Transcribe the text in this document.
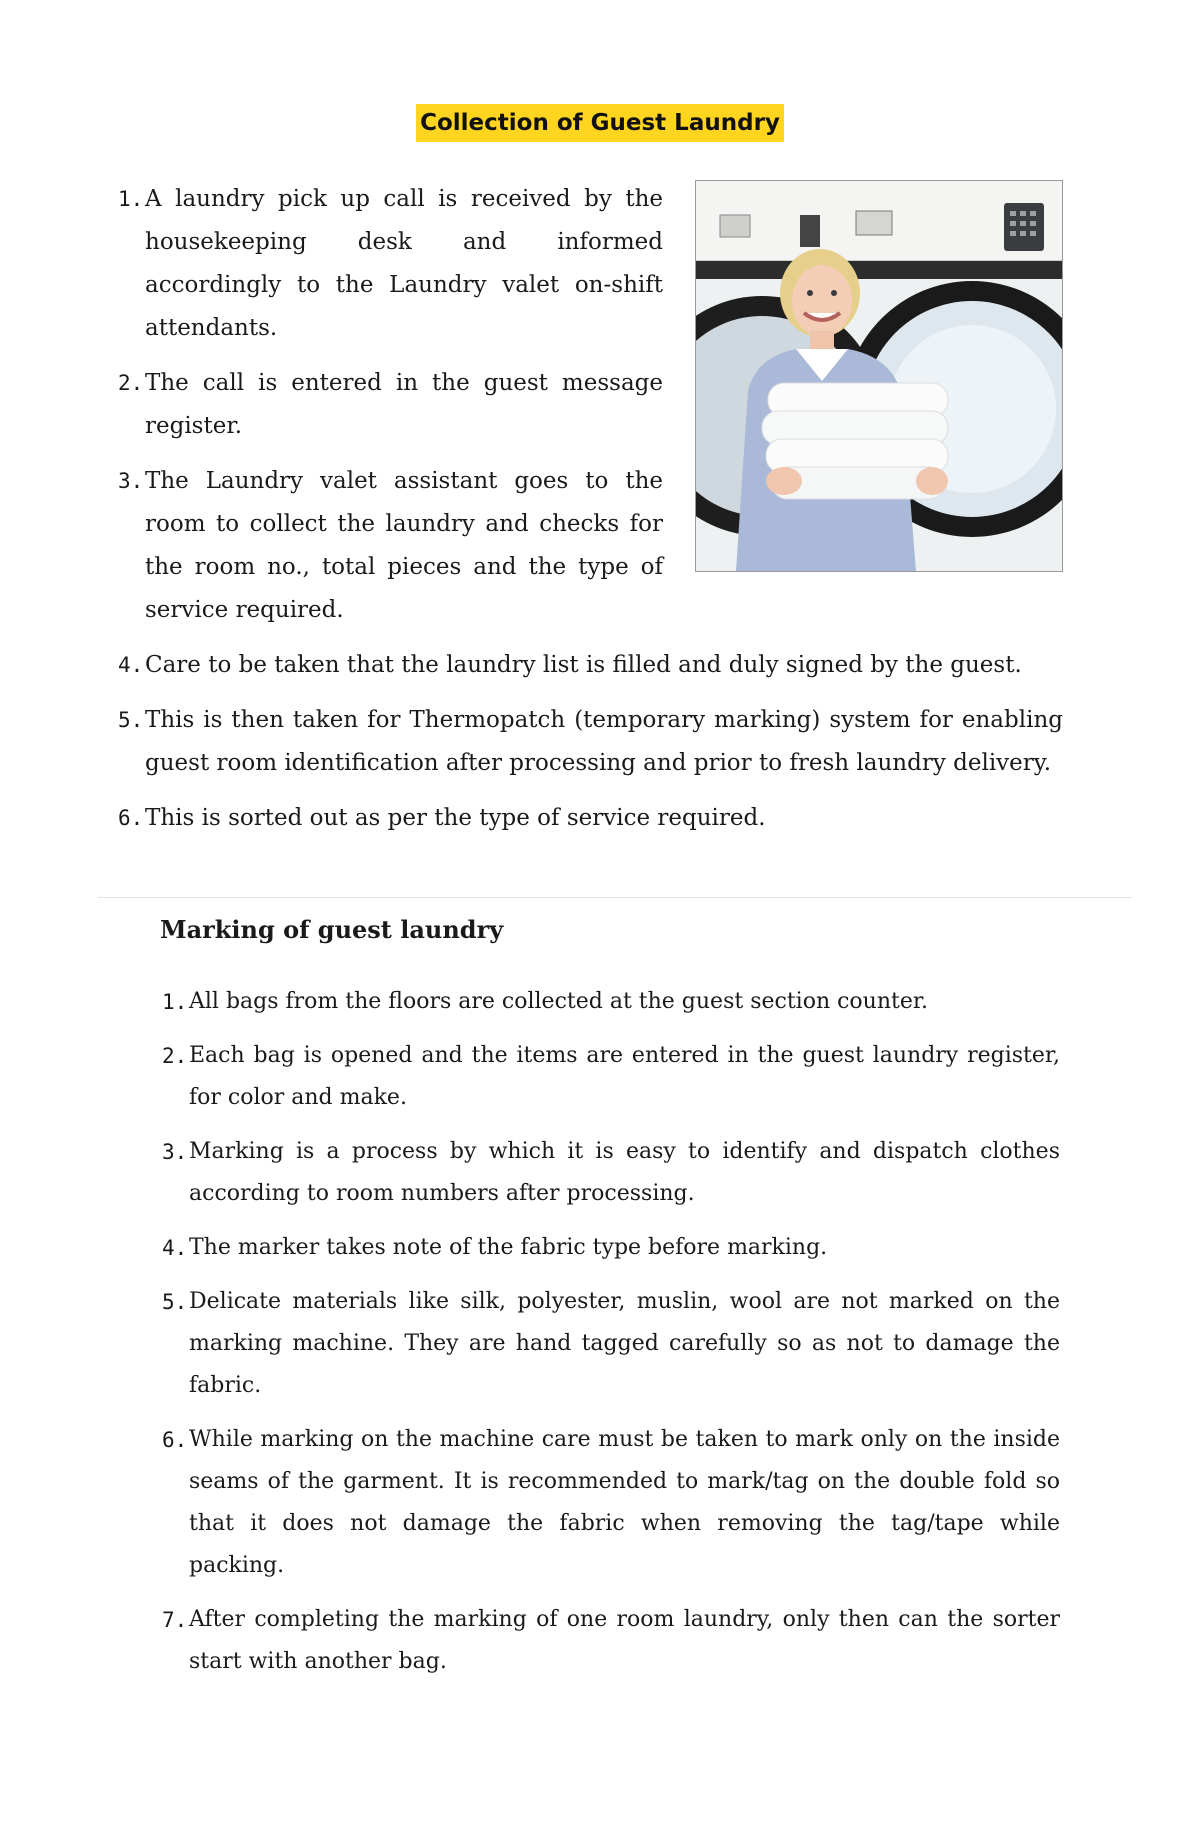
Collection of Guest Laundry
1. A laundry pick up call is received by the housekeeping desk and informed accordingly to the Laundry valet on-shift attendants.
2. The call is entered in the guest message register.
3. The Laundry valet assistant goes to the room to collect the laundry and checks for the room no., total pieces and the type of service required.
4. Care to be taken that the laundry list is filled and duly signed by the guest.
5. This is then taken for Thermopatch (temporary marking) system for enabling guest room identification after processing and prior to fresh laundry delivery.
6. This is sorted out as per the type of service required.
Marking of guest laundry
1. All bags from the floors are collected at the guest section counter.
2. Each bag is opened and the items are entered in the guest laundry register, for color and make.
3. Marking is a process by which it is easy to identify and dispatch clothes according to room numbers after processing.
4. The marker takes note of the fabric type before marking.
5. Delicate materials like silk, polyester, muslin, wool are not marked on the marking machine. They are hand tagged carefully so as not to damage the fabric.
6. While marking on the machine care must be taken to mark only on the inside seams of the garment. It is recommended to mark/tag on the double fold so that it does not damage the fabric when removing the tag/tape while packing.
7. After completing the marking of one room laundry, only then can the sorter start with another bag.
